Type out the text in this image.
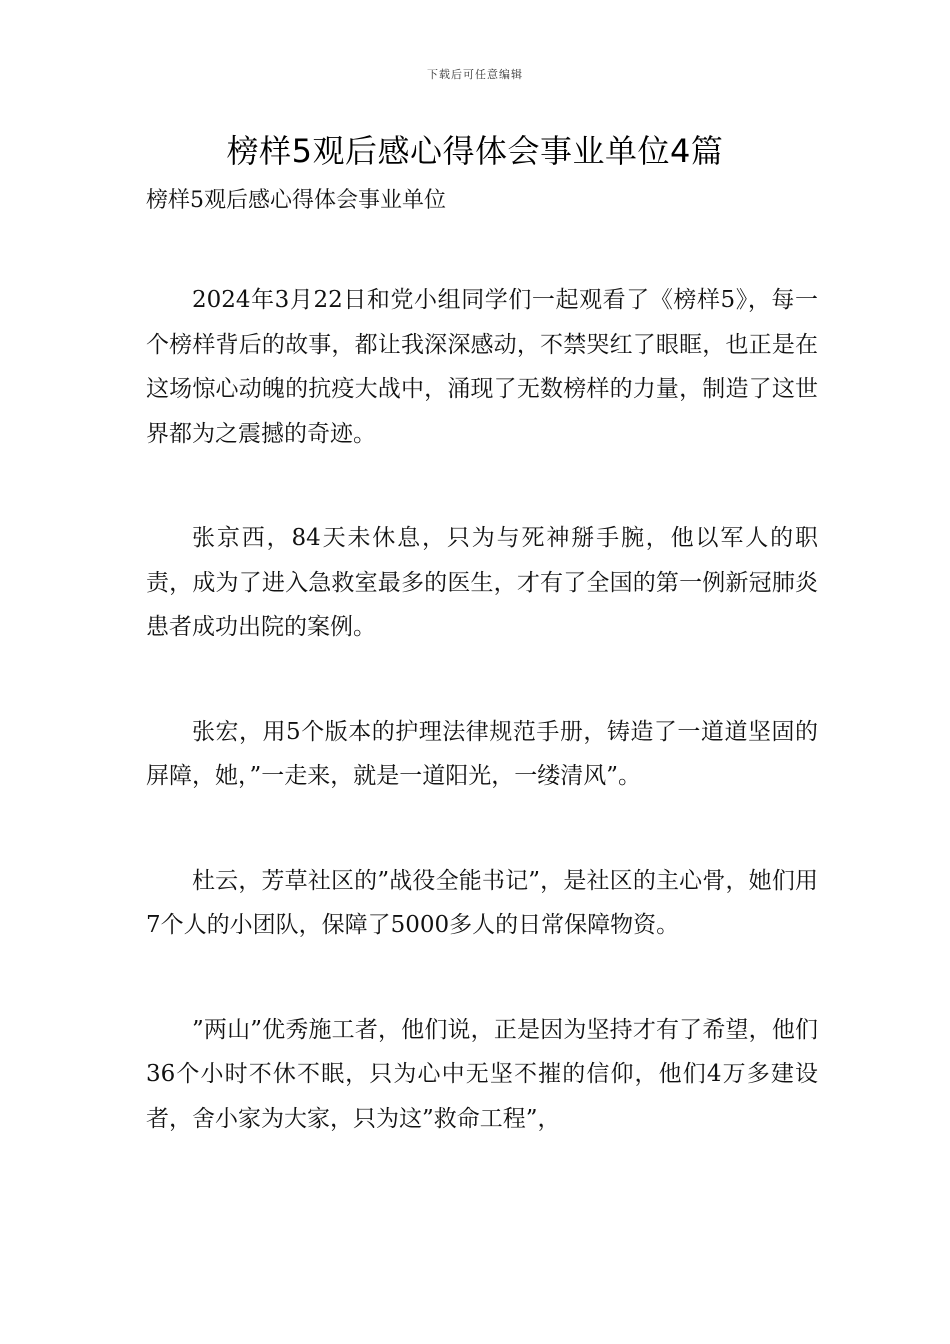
下载后可任意编辑
榜样5观后感心得体会事业单位4篇
榜样5观后感心得体会事业单位

2024年3月22日和党小组同学们一起观看了《榜样5》，每一个榜样背后的故事，都让我深深感动，不禁哭红了眼眶，也正是在这场惊心动魄的抗疫大战中，涌现了无数榜样的力量，制造了这世界都为之震撼的奇迹。

张京西，84天未休息，只为与死神掰手腕，他以军人的职责，成为了进入急救室最多的医生，才有了全国的第一例新冠肺炎患者成功出院的案例。

张宏，用5个版本的护理法律规范手册，铸造了一道道坚固的屏障，她，”一走来，就是一道阳光，一缕清风”。

杜云，芳草社区的”战役全能书记”，是社区的主心骨，她们用7个人的小团队，保障了5000多人的日常保障物资。

”两山”优秀施工者，他们说，正是因为坚持才有了希望，他们36个小时不休不眠，只为心中无坚不摧的信仰，他们4万多建设者，舍小家为大家，只为这”救命工程”，
